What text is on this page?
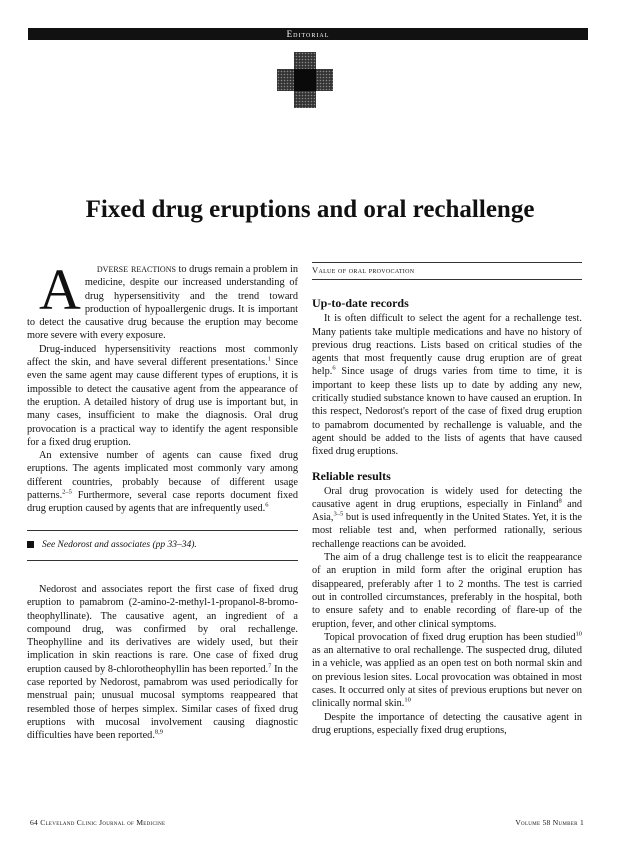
Editorial
Fixed drug eruptions and oral rechallenge

A dverse reactions to drugs remain a problem in medicine, despite our increased understanding of drug hypersensitivity and the trend toward production of hypoallergenic drugs. It is important to detect the causative drug because the eruption may become more severe with every exposure.

Drug-induced hypersensitivity reactions most commonly affect the skin, and have several different presentations.$^1$ Since even the same agent may cause different types of eruptions, it is impossible to detect the causative agent from the appearance of the eruption. A detailed history of drug use is important but, in many cases, insufficient to make the diagnosis. Oral drug provocation is a practical way to identify the agent responsible for a fixed drug eruption.

An extensive number of agents can cause fixed drug eruptions. The agents implicated most commonly vary among different countries, probably because of different usage patterns.$^{2-5}$ Furthermore, several case reports document fixed drug eruption caused by agents that are infrequently used.$^6$

See Nedorost and associates (pp 33–34).

Nedorost and associates report the first case of fixed drug eruption to pamabrom (2-amino-2-methyl-1-propanol-8-bromo-theophyllinate). The causative agent, an ingredient of a compound drug, was confirmed by oral rechallenge. Theophylline and its derivatives are widely used, but their implication in skin reactions is rare. One case of fixed drug eruption caused by 8-chlorotheophyllin has been reported.$^7$ In the case reported by Nedorost, pamabrom was used periodically for menstrual pain; unusual mucosal symptoms reappeared that resembled those of herpes simplex. Similar cases of fixed drug eruptions with mucosal involvement causing diagnostic difficulties have been reported.$^{8,9}$

Value of oral provocation
Up-to-date records

It is often difficult to select the agent for a rechallenge test. Many patients take multiple medications and have no history of previous drug reactions. Lists based on critical studies of the agents that most frequently cause drug eruption are of great help.$^6$ Since usage of drugs varies from time to time, it is important to keep these lists up to date by adding any new, critically studied substance known to have caused an eruption. In this respect, Nedorost's report of the case of fixed drug eruption to pamabrom documented by rechallenge is valuable, and the agent should be added to the lists of agents that have caused fixed drug eruptions.

Reliable results

Oral drug provocation is widely used for detecting the causative agent in drug eruptions, especially in Finland$^8$ and Asia,$^{3-5}$ but is used infrequently in the United States. Yet, it is the most reliable test and, when performed rationally, serious rechallenge reactions can be avoided.

The aim of a drug challenge test is to elicit the reappearance of an eruption in mild form after the original eruption has disappeared, preferably after 1 to 2 months. The test is carried out in controlled circumstances, preferably in the hospital, both to ensure safety and to enable recording of flare-up of the eruption, fever, and other clinical symptoms.

Topical provocation of fixed drug eruption has been studied$^{10}$ as an alternative to oral rechallenge. The suspected drug, diluted in a vehicle, was applied as an open test on both normal skin and on previous lesion sites. Local provocation was obtained in most cases. It occurred only at sites of previous eruptions but never on clinically normal skin.$^{10}$

Despite the importance of detecting the causative agent in drug eruptions, especially fixed drug eruptions,

64 Cleveland Clinic Journal of Medicine	Volume 58 Number 1
